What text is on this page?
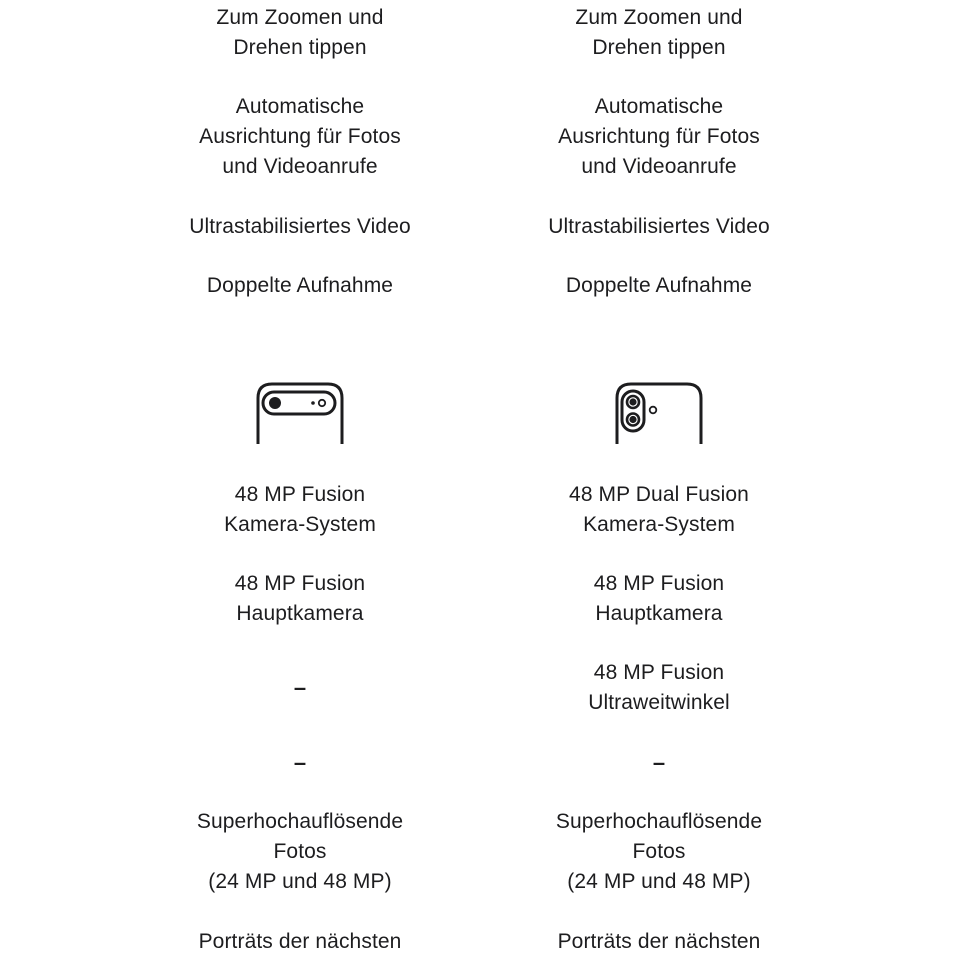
Zum Zoomen und
Drehen tippen

Automatische
Ausrichtung für Fotos
und Videoanrufe

Ultrastabilisiertes Video

Doppelte Aufnahme

48 MP Fusion
Kamera-System

48 MP Fusion
Hauptkamera

–

–

Superhochauflösende
Fotos
(24 MP und 48 MP)

Porträts der nächsten

Zum Zoomen und
Drehen tippen

Automatische
Ausrichtung für Fotos
und Videoanrufe

Ultrastabilisiertes Video

Doppelte Aufnahme

48 MP Dual Fusion
Kamera-System

48 MP Fusion
Hauptkamera

48 MP Fusion
Ultraweitwinkel

–

Superhochauflösende
Fotos
(24 MP und 48 MP)

Porträts der nächsten
